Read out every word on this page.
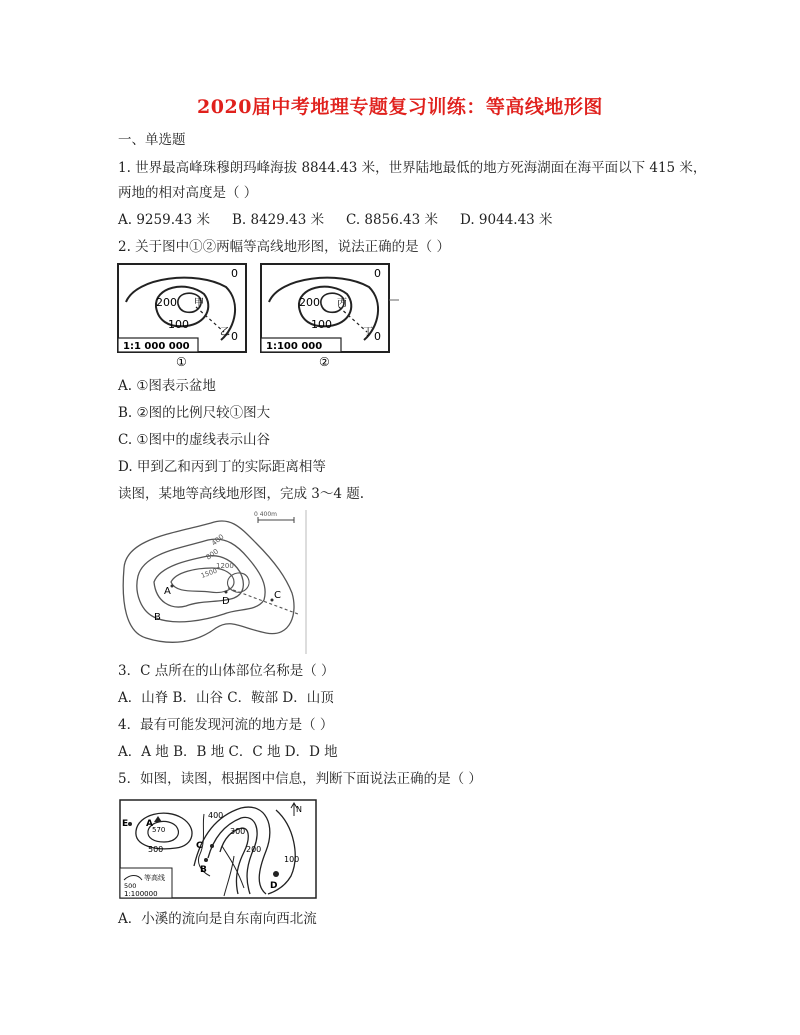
2020届中考地理专题复习训练：等高线地形图
一、单选题
1. 世界最高峰珠穆朗玛峰海拔 8844.43 米，世界陆地最低的地方死海湖面在海平面以下 415 米，
两地的相对高度是（ ）
A. 9259.43 米 B. 8429.43 米 C. 8856.43 米 D. 9044.43 米
2. 关于图中①②两幅等高线地形图，说法正确的是（ ）
0
200
100
甲
乙 0
1:1 000 000
①
0
200
100
丙
丁 0
1:100 000
②
A. ①图表示盆地
B. ②图的比例尺较①图大
C. ①图中的虚线表示山谷
D. 甲到乙和丙到丁的实际距离相等
读图，某地等高线地形图，完成 3～4 题.
0 400m
400
800
1200
1500
A
B
C
D
3．C 点所在的山体部位名称是（ ）
A．山脊 B．山谷 C．鞍部 D．山顶
4．最有可能发现河流的地方是（ ）
A．A 地 B．B 地 C．C 地 D．D 地
5．如图，读图，根据图中信息，判断下面说法正确的是（ ）
N
400
300
500	200
100
570
E A
C
B
D
500
等高线
1:100000
A．小溪的流向是自东南向西北流
